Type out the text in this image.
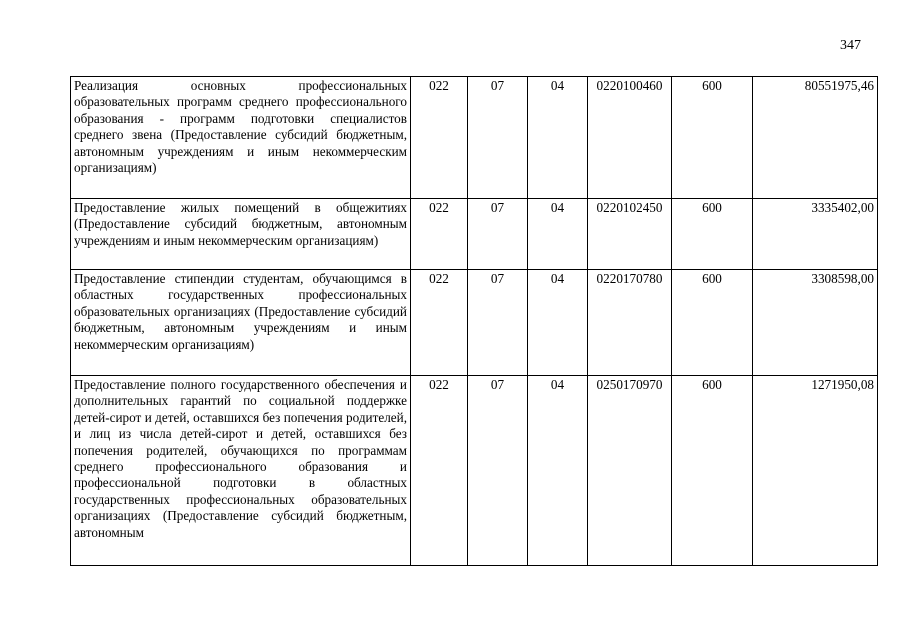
347
Реализация основных профессиональных образовательных программ среднего профессионального образования - программ подготовки специалистов среднего звена (Предоставление субсидий бюджетным, автономным учреждениям и иным некоммерческим организациям)	022	07	04	0220100460	600	80551975,46
Предоставление жилых помещений в общежитиях (Предоставление субсидий бюджетным, автономным учреждениям и иным некоммерческим организациям)	022	07	04	0220102450	600	3335402,00
Предоставление стипендии студентам, обучающимся в областных государственных профессиональных образовательных организациях (Предоставление субсидий бюджетным, автономным учреждениям и иным некоммерческим организациям)	022	07	04	0220170780	600	3308598,00
Предоставление полного государственного обеспечения и дополнительных гарантий по социальной поддержке детей-сирот и детей, оставшихся без попечения родителей, и лиц из числа детей-сирот и детей, оставшихся без попечения родителей, обучающихся по программам среднего профессионального образования и профессиональной подготовки в областных государственных профессиональных образовательных организациях (Предоставление субсидий бюджетным, автономным	022	07	04	0250170970	600	1271950,08
